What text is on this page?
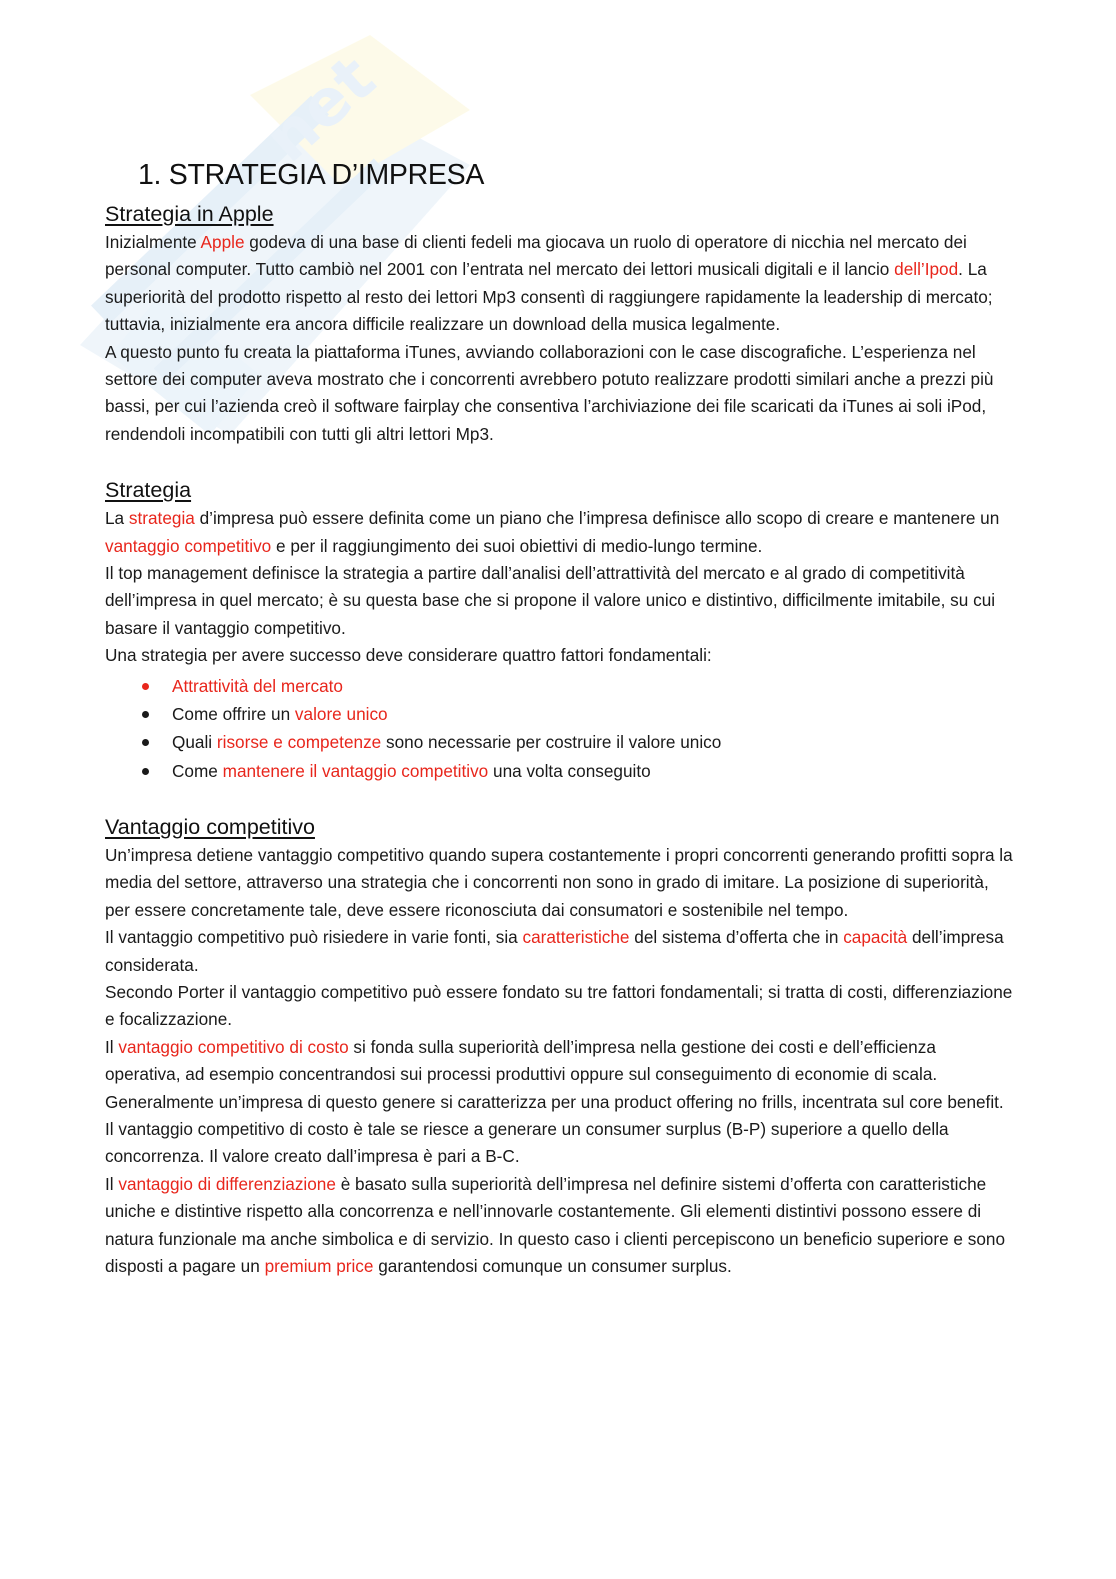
net
1. STRATEGIA D’IMPRESA
Strategia in Apple

Inizialmente Apple godeva di una base di clienti fedeli ma giocava un ruolo di operatore di nicchia nel mercato dei personal computer. Tutto cambiò nel 2001 con l’entrata nel mercato dei lettori musicali digitali e il lancio dell’Ipod. La superiorità del prodotto rispetto al resto dei lettori Mp3 consentì di raggiungere rapidamente la leadership di mercato; tuttavia, inizialmente era ancora difficile realizzare un download della musica legalmente.

A questo punto fu creata la piattaforma iTunes, avviando collaborazioni con le case discografiche. L’esperienza nel settore dei computer aveva mostrato che i concorrenti avrebbero potuto realizzare prodotti similari anche a prezzi più bassi, per cui l’azienda creò il software fairplay che consentiva l’archiviazione dei file scaricati da iTunes ai soli iPod, rendendoli incompatibili con tutti gli altri lettori Mp3.

Strategia

La strategia d’impresa può essere definita come un piano che l’impresa definisce allo scopo di creare e mantenere un vantaggio competitivo e per il raggiungimento dei suoi obiettivi di medio-lungo termine.

Il top management definisce la strategia a partire dall’analisi dell’attrattività del mercato e al grado di competitività dell’impresa in quel mercato; è su questa base che si propone il valore unico e distintivo, difficilmente imitabile, su cui basare il vantaggio competitivo.

Una strategia per avere successo deve considerare quattro fattori fondamentali:

Attrattività del mercato
Come offrire un valore unico
Quali risorse e competenze sono necessarie per costruire il valore unico
Come mantenere il vantaggio competitivo una volta conseguito
Vantaggio competitivo

Un’impresa detiene vantaggio competitivo quando supera costantemente i propri concorrenti generando profitti sopra la media del settore, attraverso una strategia che i concorrenti non sono in grado di imitare. La posizione di superiorità, per essere concretamente tale, deve essere riconosciuta dai consumatori e sostenibile nel tempo.

Il vantaggio competitivo può risiedere in varie fonti, sia caratteristiche del sistema d’offerta che in capacità dell’impresa considerata.

Secondo Porter il vantaggio competitivo può essere fondato su tre fattori fondamentali; si tratta di costi, differenziazione e focalizzazione.

Il vantaggio competitivo di costo si fonda sulla superiorità dell’impresa nella gestione dei costi e dell’efficienza operativa, ad esempio concentrandosi sui processi produttivi oppure sul conseguimento di economie di scala. Generalmente un’impresa di questo genere si caratterizza per una product offering no frills, incentrata sul core benefit. Il vantaggio competitivo di costo è tale se riesce a generare un consumer surplus (B-P) superiore a quello della concorrenza. Il valore creato dall’impresa è pari a B-C.

Il vantaggio di differenziazione è basato sulla superiorità dell’impresa nel definire sistemi d’offerta con caratteristiche uniche e distintive rispetto alla concorrenza e nell’innovarle costantemente. Gli elementi distintivi possono essere di natura funzionale ma anche simbolica e di servizio. In questo caso i clienti percepiscono un beneficio superiore e sono disposti a pagare un premium price garantendosi comunque un consumer surplus.
